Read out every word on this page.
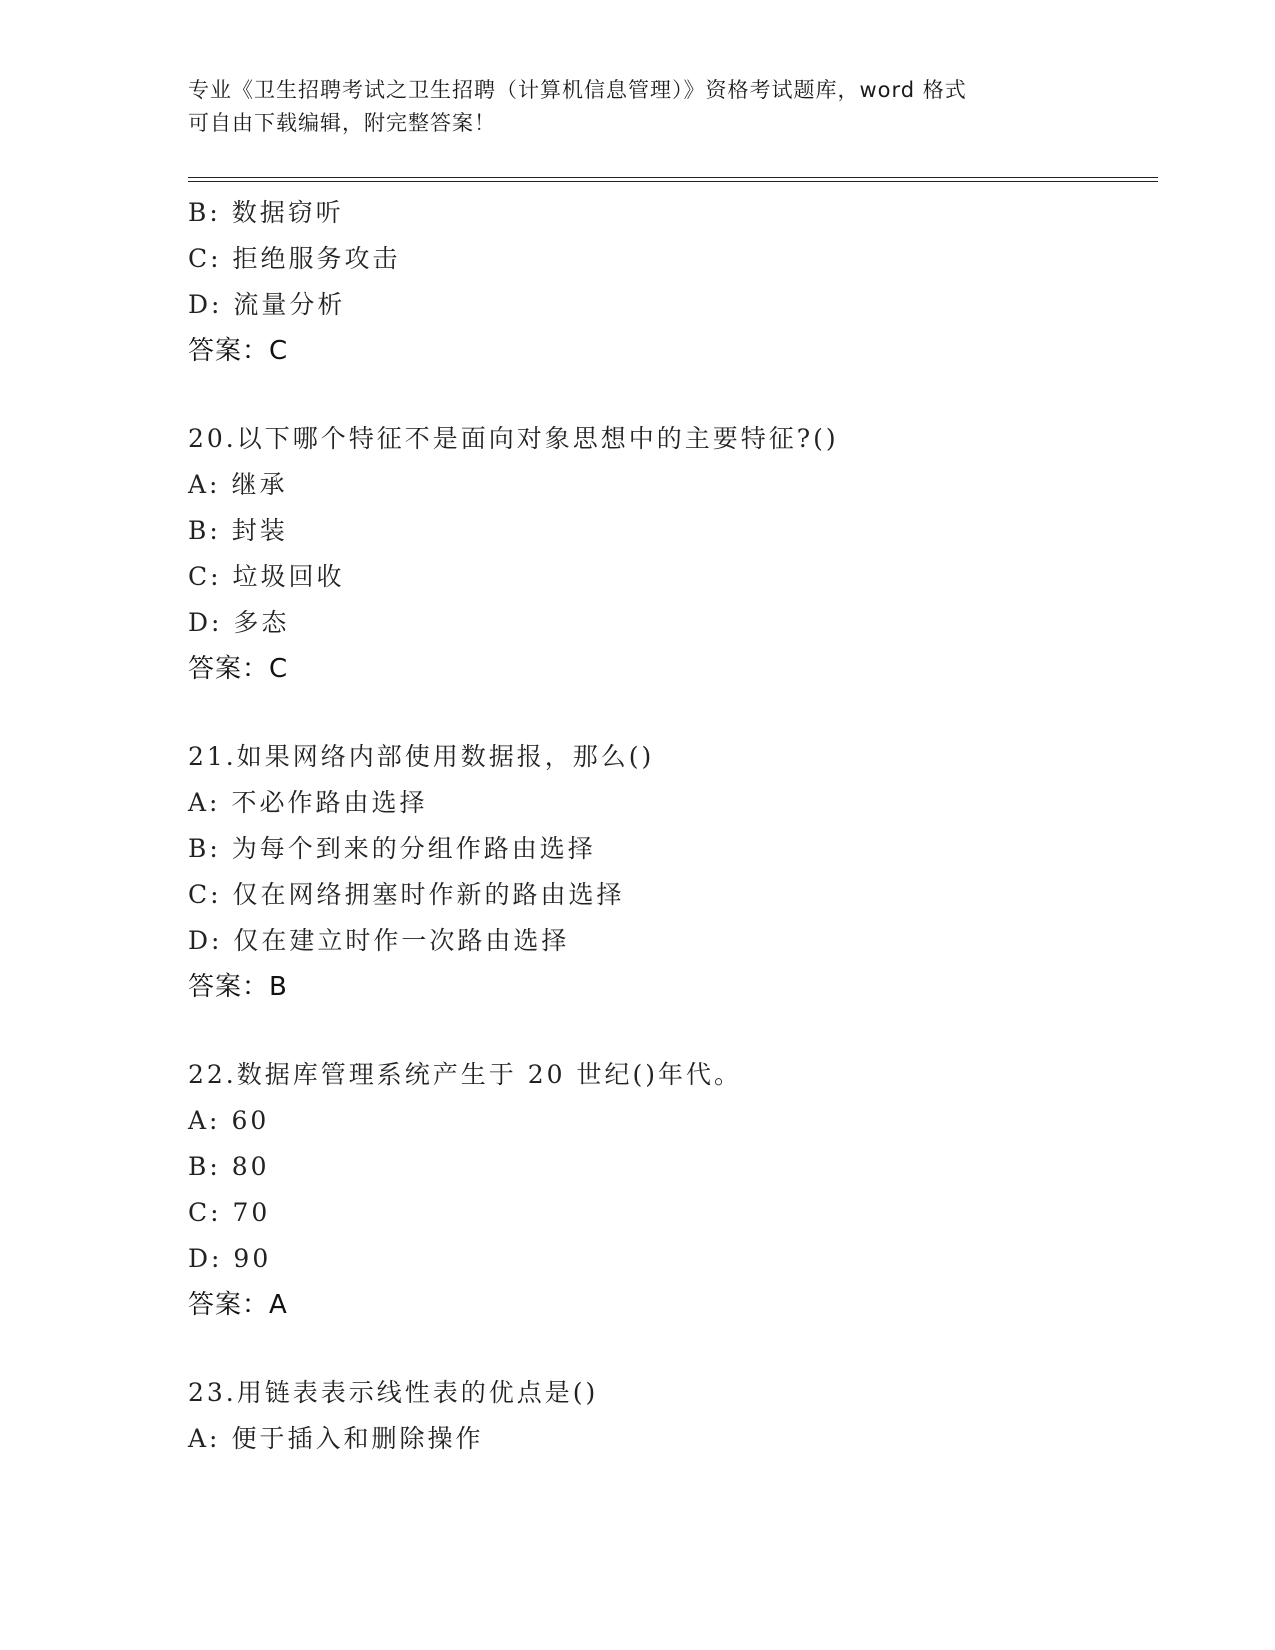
专业《卫生招聘考试之卫生招聘（计算机信息管理）》资格考试题库，word 格式
可自由下载编辑，附完整答案！
B: 数据窃听
C: 拒绝服务攻击
D: 流量分析
答案：C
20.以下哪个特征不是面向对象思想中的主要特征?()
A: 继承
B: 封装
C: 垃圾回收
D: 多态
答案：C
21.如果网络内部使用数据报，那么()
A: 不必作路由选择
B: 为每个到来的分组作路由选择
C: 仅在网络拥塞时作新的路由选择
D: 仅在建立时作一次路由选择
答案：B
22.数据库管理系统产生于 20 世纪()年代。
A: 60
B: 80
C: 70
D: 90
答案：A
23.用链表表示线性表的优点是()
A: 便于插入和删除操作
